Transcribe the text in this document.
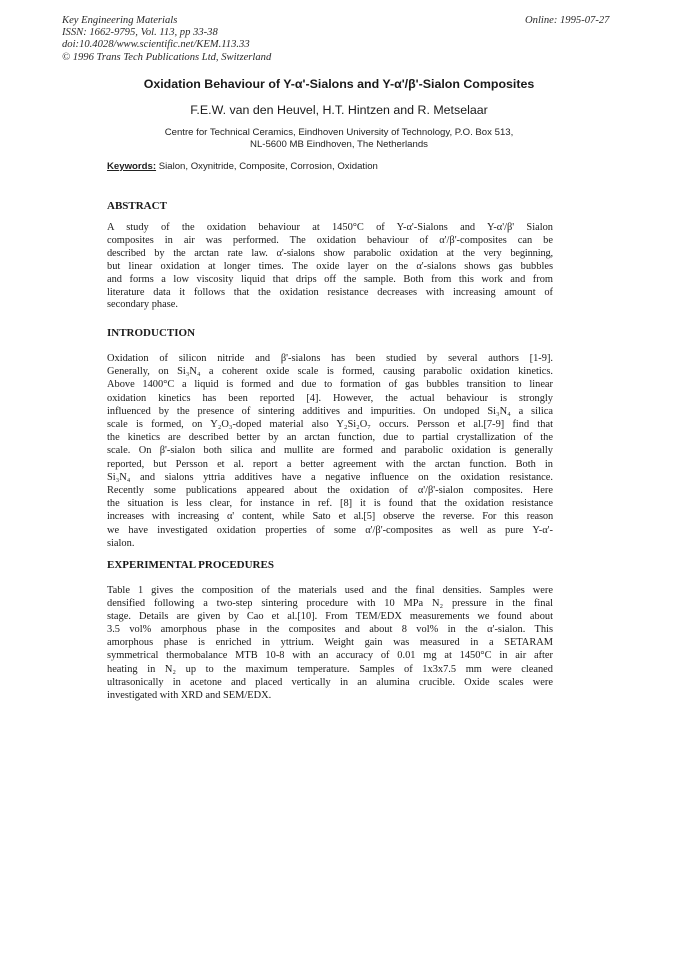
Key Engineering Materials
ISSN: 1662-9795, Vol. 113, pp 33-38
doi:10.4028/www.scientific.net/KEM.113.33
© 1996 Trans Tech Publications Ltd, Switzerland
Online: 1995-07-27
Oxidation Behaviour of Y-α'-Sialons and Y-α'/β'-Sialon Composites
F.E.W. van den Heuvel, H.T. Hintzen and R. Metselaar
Centre for Technical Ceramics, Eindhoven University of Technology, P.O. Box 513,
NL-5600 MB Eindhoven, The Netherlands
Keywords: Sialon, Oxynitride, Composite, Corrosion, Oxidation
ABSTRACT
A study of the oxidation behaviour at 1450°C of Y-α'-Sialons and Y-α'/β' Sialon
composites in air was performed. The oxidation behaviour of α'/β'-composites can be
described by the arctan rate law. α'-sialons show parabolic oxidation at the very beginning,
but linear oxidation at longer times. The oxide layer on the α'-sialons shows gas bubbles
and forms a low viscosity liquid that drips off the sample. Both from this work and from
literature data it follows that the oxidation resistance decreases with increasing amount of
secondary phase.
INTRODUCTION
Oxidation of silicon nitride and β'-sialons has been studied by several authors [1-9].
Generally, on Si₃N₄ a coherent oxide scale is formed, causing parabolic oxidation kinetics.
Above 1400°C a liquid is formed and due to formation of gas bubbles transition to linear
oxidation kinetics has been reported [4]. However, the actual behaviour is strongly
influenced by the presence of sintering additives and impurities. On undoped Si₃N₄ a silica
scale is formed, on Y₂O₃-doped material also Y₂Si₂O₇ occurs. Persson et al.[7-9] find that
the kinetics are described better by an arctan function, due to partial crystallization of the
scale. On β'-sialon both silica and mullite are formed and parabolic oxidation is generally
reported, but Persson et al. report a better agreement with the arctan function. Both in
Si₃N₄ and sialons yttria additives have a negative influence on the oxidation resistance.
Recently some publications appeared about the oxidation of α'/β'-sialon composites. Here
the situation is less clear, for instance in ref. [8] it is found that the oxidation resistance
increases with increasing α' content, while Sato et al.[5] observe the reverse. For this reason
we have investigated oxidation properties of some α'/β'-composites as well as pure Y-α'-
sialon.
EXPERIMENTAL PROCEDURES
Table 1 gives the composition of the materials used and the final densities. Samples were
densified following a two-step sintering procedure with 10 MPa N₂ pressure in the final
stage. Details are given by Cao et al.[10]. From TEM/EDX measurements we found about
3.5 vol% amorphous phase in the composites and about 8 vol% in the α'-sialon. This
amorphous phase is enriched in yttrium. Weight gain was measured in a SETARAM
symmetrical thermobalance MTB 10-8 with an accuracy of 0.01 mg at 1450°C in air after
heating in N₂ up to the maximum temperature. Samples of 1x3x7.5 mm were cleaned
ultrasonically in acetone and placed vertically in an alumina crucible. Oxide scales were
investigated with XRD and SEM/EDX.
